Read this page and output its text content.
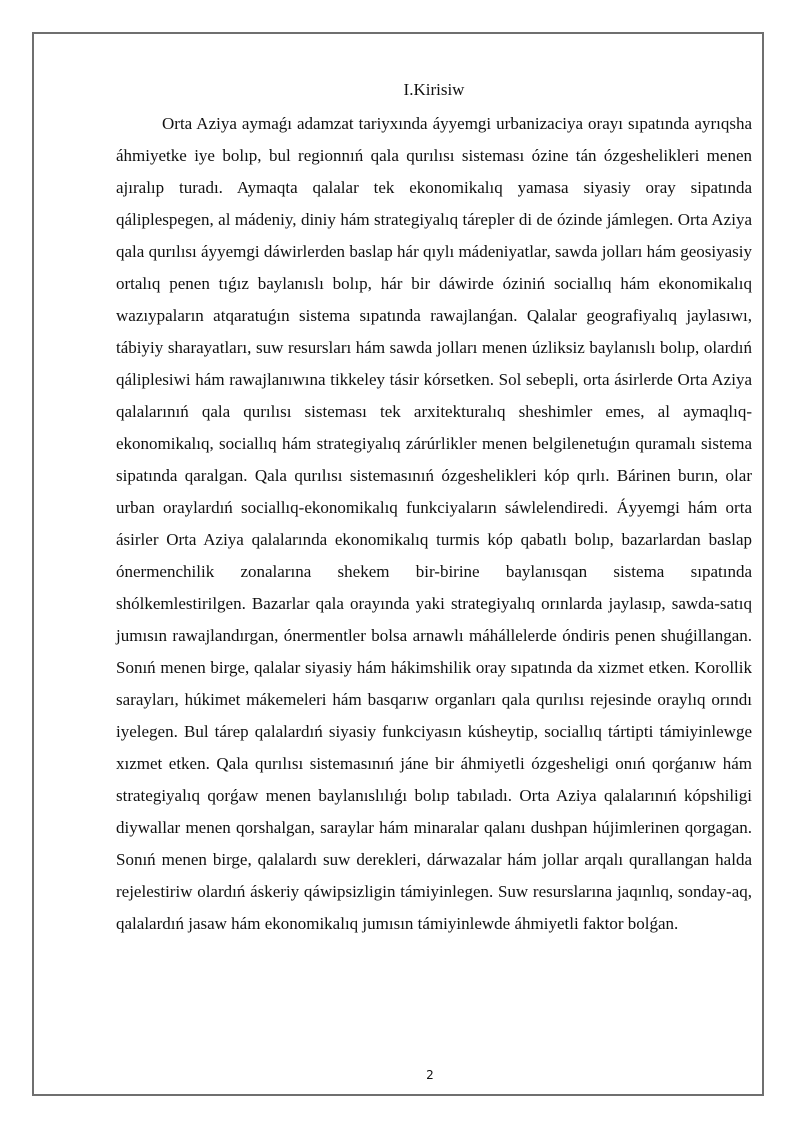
I.Kirisiw

Orta Aziya aymaǵı adamzat tariyxında áyyemgi urbanizaciya orayı sıpatında ayrıqsha áhmiyetke iye bolıp, bul regionnıń qala qurılısı sisteması ózine tán ózgeshelikleri menen ajıralıp turadı. Aymaqta qalalar tek ekonomikalıq yamasa siyasiy oray sipatında qáliplespegen, al mádeniy, diniy hám strategiyalıq tárepler di de ózinde jámlegen. Orta Aziya qala qurılısı áyyemgi dáwirlerden baslap hár qıylı mádeniyatlar, sawda jolları hám geosiyasiy ortalıq penen tıǵız baylanıslı bolıp, hár bir dáwirde óziniń sociallıq hám ekonomikalıq wazıypaların atqaratuǵın sistema sıpatında rawajlanǵan. Qalalar geografiyalıq jaylasıwı, tábiyiy sharayatları, suw resursları hám sawda jolları menen úzliksiz baylanıslı bolıp, olardıń qáliplesiwi hám rawajlanıwına tikkeley tásir kórsetken. Sol sebepli, orta ásirlerde Orta Aziya qalalarınıń qala qurılısı sisteması tek arxitekturalıq sheshimler emes, al aymaqlıq-ekonomikalıq, sociallıq hám strategiyalıq zárúrlikler menen belgilenetuǵın quramalı sistema sipatında qaralgan. Qala qurılısı sistemasınıń ózgeshelikleri kóp qırlı. Bárinen burın, olar urban oraylardıń sociallıq-ekonomikalıq funkciyaların sáwlelendiredi. Áyyemgi hám orta ásirler Orta Aziya qalalarında ekonomikalıq turmis kóp qabatlı bolıp, bazarlardan baslap ónermenchilik zonalarına shekem bir-birine baylanısqan sistema sıpatında shólkemlestirilgen. Bazarlar qala orayında yaki strategiyalıq orınlarda jaylasıp, sawda-satıq jumısın rawajlandırgan, ónermentler bolsa arnawlı máhállelerde óndiris penen shuǵillangan. Sonıń menen birge, qalalar siyasiy hám hákimshilik oray sıpatında da xizmet etken. Korollik sarayları, húkimet mákemeleri hám basqarıw organları qala qurılısı rejesinde oraylıq orındı iyelegen. Bul tárep qalalardıń siyasiy funkciyasın kúsheytip, sociallıq tártipti támiyinlewge xızmet etken. Qala qurılısı sistemasınıń jáne bir áhmiyetli ózgesheligi onıń qorǵanıw hám strategiyalıq qorǵaw menen baylanıslılıǵı bolıp tabıladı. Orta Aziya qalalarınıń kópshiligi diywallar menen qorshalgan, saraylar hám minaralar qalanı dushpan hújimlerinen qorgagan. Sonıń menen birge, qalalardı suw derekleri, dárwazalar hám jollar arqalı qurallangan halda rejelestiriw olardıń áskeriy qáwipsizligin támiyinlegen. Suw resurslarına jaqınlıq, sonday-aq, qalalardıń jasaw hám ekonomikalıq jumısın támiyinlewde áhmiyetli faktor bolǵan.

2
